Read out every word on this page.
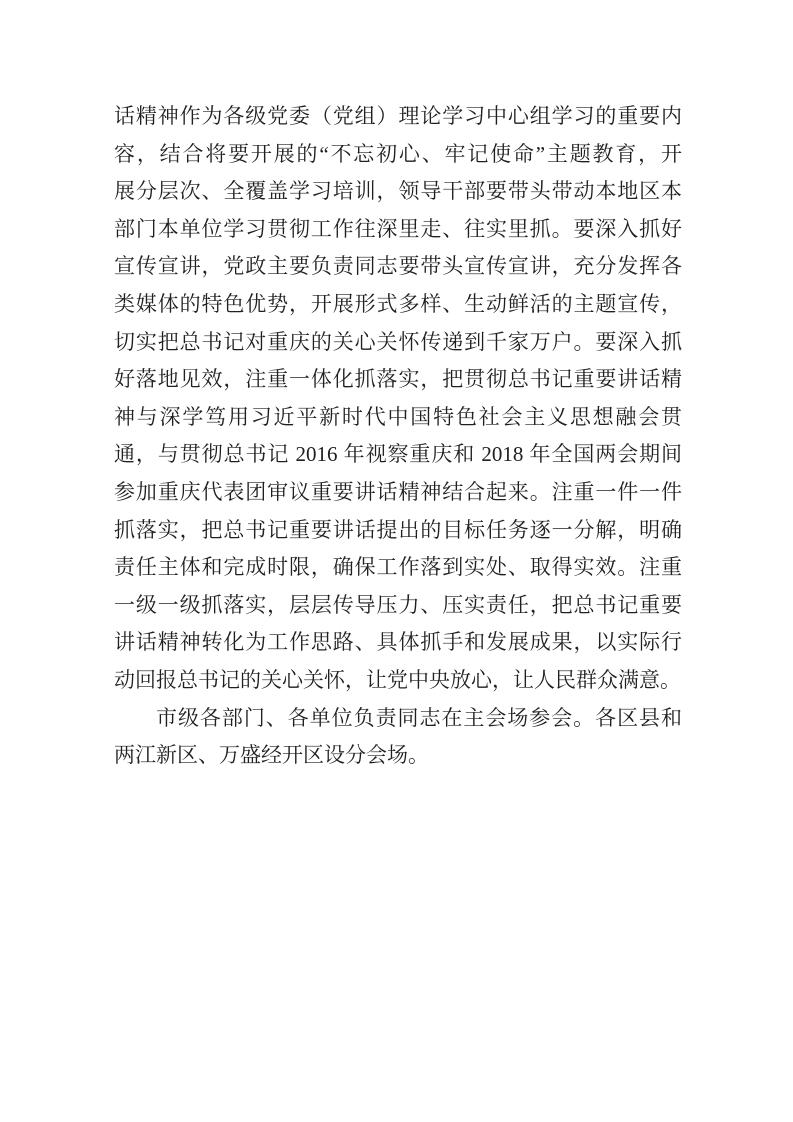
话精神作为各级党委（党组）理论学习中心组学习的重要内
容，结合将要开展的“不忘初心、牢记使命”主题教育，开
展分层次、全覆盖学习培训，领导干部要带头带动本地区本
部门本单位学习贯彻工作往深里走、往实里抓。要深入抓好
宣传宣讲，党政主要负责同志要带头宣传宣讲，充分发挥各
类媒体的特色优势，开展形式多样、生动鲜活的主题宣传，
切实把总书记对重庆的关心关怀传递到千家万户。要深入抓
好落地见效，注重一体化抓落实，把贯彻总书记重要讲话精
神与深学笃用习近平新时代中国特色社会主义思想融会贯
通，与贯彻总书记 2016 年视察重庆和 2018 年全国两会期间
参加重庆代表团审议重要讲话精神结合起来。注重一件一件
抓落实，把总书记重要讲话提出的目标任务逐一分解，明确
责任主体和完成时限，确保工作落到实处、取得实效。注重
一级一级抓落实，层层传导压力、压实责任，把总书记重要
讲话精神转化为工作思路、具体抓手和发展成果，以实际行
动回报总书记的关心关怀，让党中央放心，让人民群众满意。
市级各部门、各单位负责同志在主会场参会。各区县和
两江新区、万盛经开区设分会场。
